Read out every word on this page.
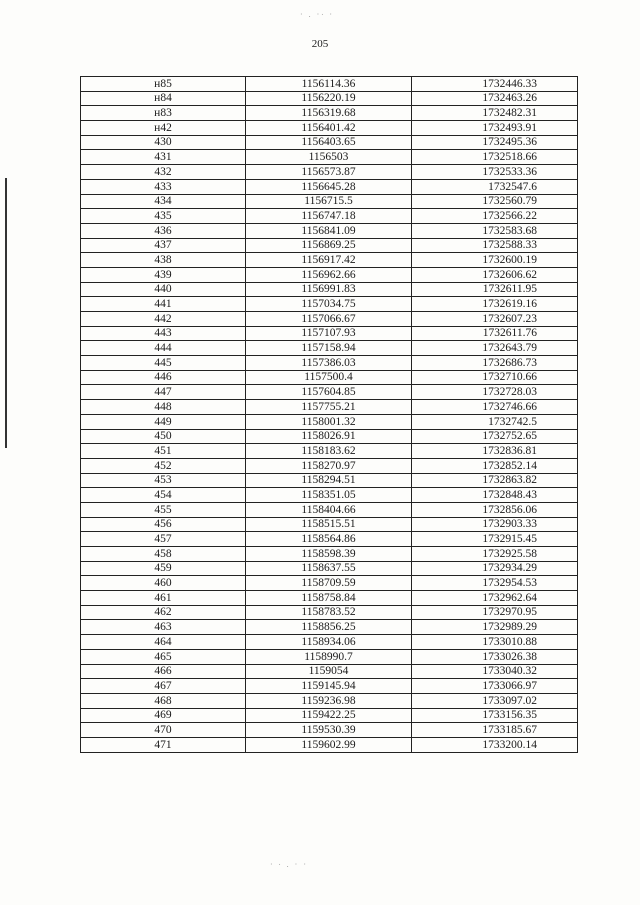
· . ·∙ ·
205
н85	1156114.36	1732446.33
н84	1156220.19	1732463.26
н83	1156319.68	1732482.31
н42	1156401.42	1732493.91
430	1156403.65	1732495.36
431	1156503	1732518.66
432	1156573.87	1732533.36
433	1156645.28	1732547.6
434	1156715.5	1732560.79
435	1156747.18	1732566.22
436	1156841.09	1732583.68
437	1156869.25	1732588.33
438	1156917.42	1732600.19
439	1156962.66	1732606.62
440	1156991.83	1732611.95
441	1157034.75	1732619.16
442	1157066.67	1732607.23
443	1157107.93	1732611.76
444	1157158.94	1732643.79
445	1157386.03	1732686.73
446	1157500.4	1732710.66
447	1157604.85	1732728.03
448	1157755.21	1732746.66
449	1158001.32	1732742.5
450	1158026.91	1732752.65
451	1158183.62	1732836.81
452	1158270.97	1732852.14
453	1158294.51	1732863.82
454	1158351.05	1732848.43
455	1158404.66	1732856.06
456	1158515.51	1732903.33
457	1158564.86	1732915.45
458	1158598.39	1732925.58
459	1158637.55	1732934.29
460	1158709.59	1732954.53
461	1158758.84	1732962.64
462	1158783.52	1732970.95
463	1158856.25	1732989.29
464	1158934.06	1733010.88
465	1158990.7	1733026.38
466	1159054	1733040.32
467	1159145.94	1733066.97
468	1159236.98	1733097.02
469	1159422.25	1733156.35
470	1159530.39	1733185.67
471	1159602.99	1733200.14
· ∙ . · ·
